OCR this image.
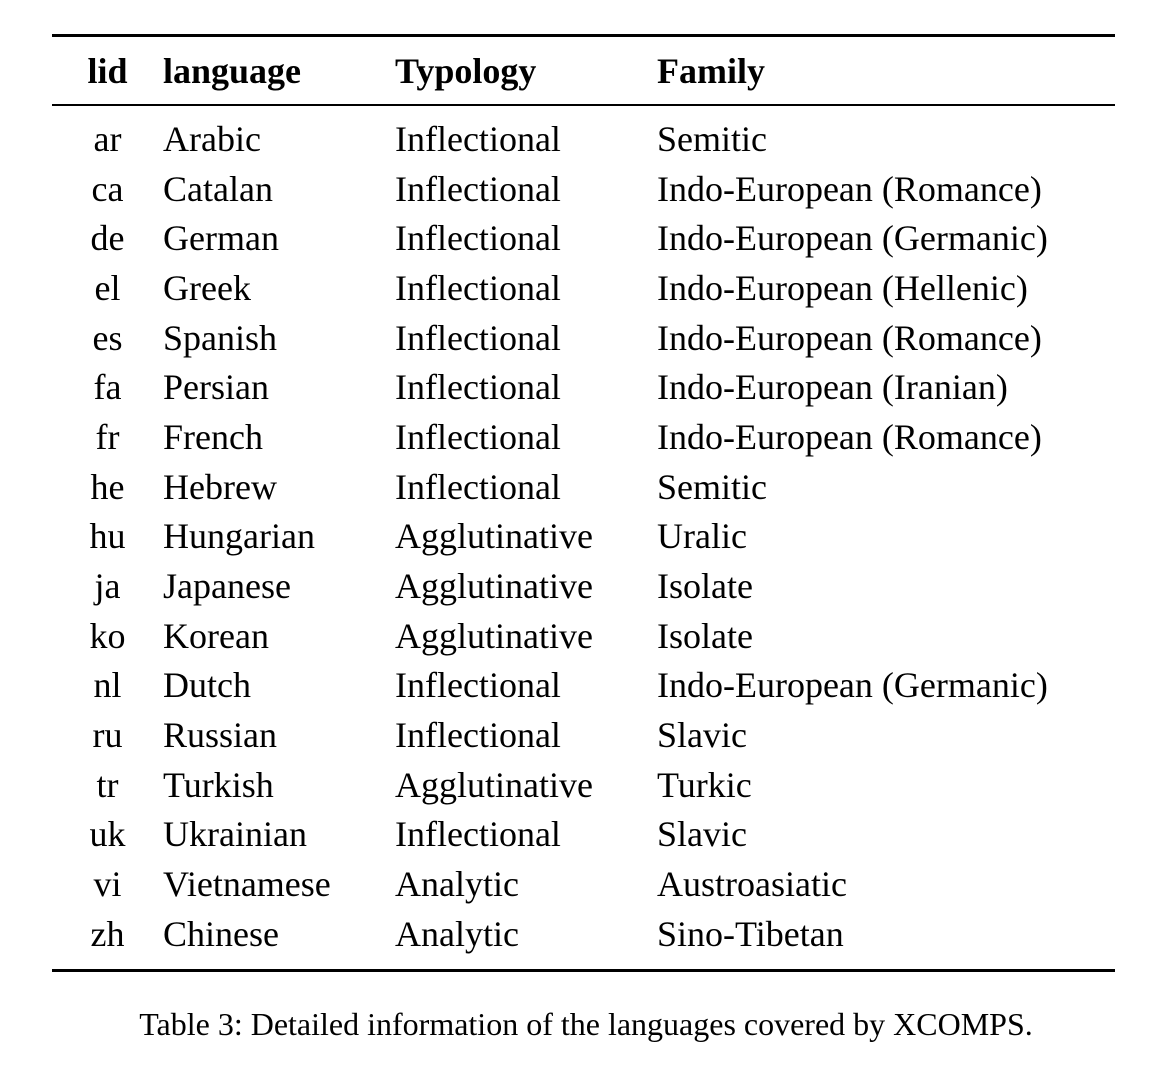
lid	language	Typology	Family
ar	Arabic	Inflectional	Semitic
ca	Catalan	Inflectional	Indo-European (Romance)
de	German	Inflectional	Indo-European (Germanic)
el	Greek	Inflectional	Indo-European (Hellenic)
es	Spanish	Inflectional	Indo-European (Romance)
fa	Persian	Inflectional	Indo-European (Iranian)
fr	French	Inflectional	Indo-European (Romance)
he	Hebrew	Inflectional	Semitic
hu	Hungarian	Agglutinative	Uralic
ja	Japanese	Agglutinative	Isolate
ko	Korean	Agglutinative	Isolate
nl	Dutch	Inflectional	Indo-European (Germanic)
ru	Russian	Inflectional	Slavic
tr	Turkish	Agglutinative	Turkic
uk	Ukrainian	Inflectional	Slavic
vi	Vietnamese	Analytic	Austroasiatic
zh	Chinese	Analytic	Sino-Tibetan
Table 3: Detailed information of the languages covered by XCOMPS.
